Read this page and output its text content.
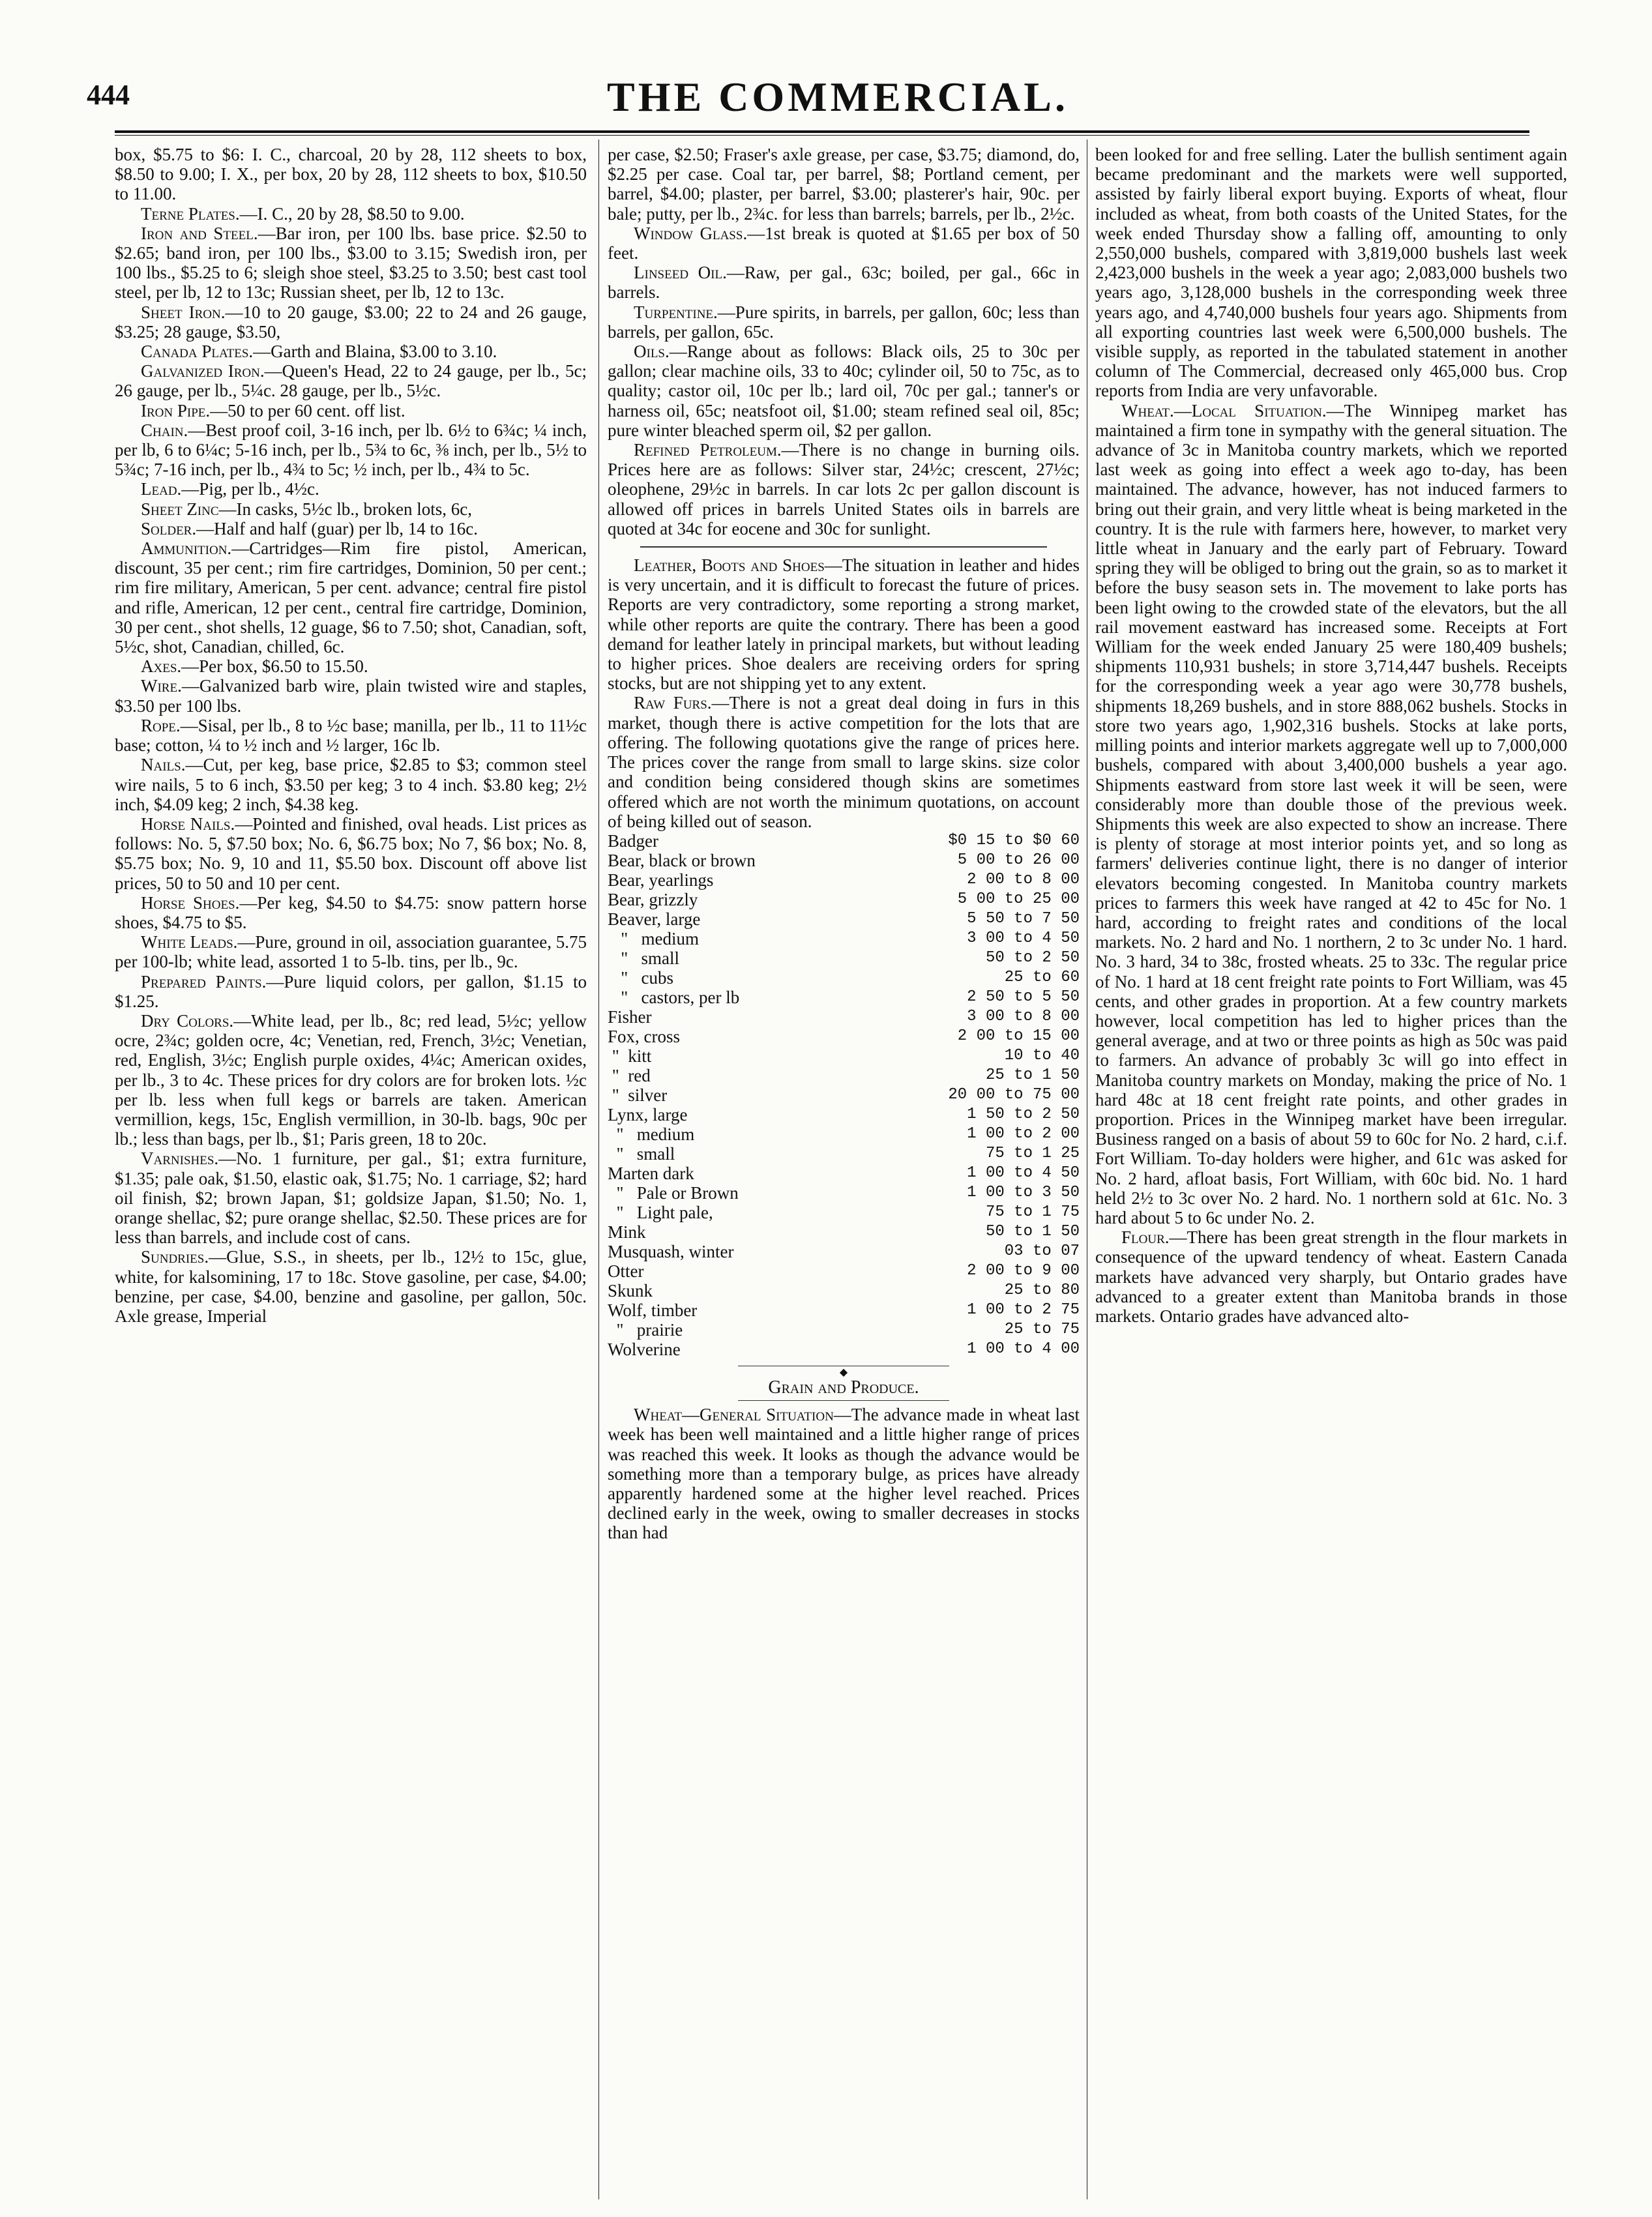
444	THE COMMERCIAL.

box, $5.75 to $6: I. C., charcoal, 20 by 28, 112 sheets to box, $8.50 to 9.00; I. X., per box, 20 by 28, 112 sheets to box, $10.50 to 11.00.

Terne Plates.—I. C., 20 by 28, $8.50 to 9.00.

Iron and Steel.—Bar iron, per 100 lbs. base price. $2.50 to $2.65; band iron, per 100 lbs., $3.00 to 3.15; Swedish iron, per 100 lbs., $5.25 to 6; sleigh shoe steel, $3.25 to 3.50; best cast tool steel, per lb, 12 to 13c; Russian sheet, per lb, 12 to 13c.

Sheet Iron.—10 to 20 gauge, $3.00; 22 to 24 and 26 gauge, $3.25; 28 gauge, $3.50,

Canada Plates.—Garth and Blaina, $3.00 to 3.10.

Galvanized Iron.—Queen's Head, 22 to 24 gauge, per lb., 5c; 26 gauge, per lb., 5¼c. 28 gauge, per lb., 5½c.

Iron Pipe.—50 to per 60 cent. off list.

Chain.—Best proof coil, 3-16 inch, per lb. 6½ to 6¾c; ¼ inch, per lb, 6 to 6¼c; 5-16 inch, per lb., 5¾ to 6c, ⅜ inch, per lb., 5½ to 5¾c; 7-16 inch, per lb., 4¾ to 5c; ½ inch, per lb., 4¾ to 5c.

Lead.—Pig, per lb., 4½c.

Sheet Zinc—In casks, 5½c lb., broken lots, 6c,

Solder.—Half and half (guar) per lb, 14 to 16c.

Ammunition.—Cartridges—Rim fire pistol, American, discount, 35 per cent.; rim fire cartridges, Dominion, 50 per cent.; rim fire military, American, 5 per cent. advance; central fire pistol and rifle, American, 12 per cent., central fire cartridge, Dominion, 30 per cent., shot shells, 12 guage, $6 to 7.50; shot, Canadian, soft, 5½c, shot, Canadian, chilled, 6c.

Axes.—Per box, $6.50 to 15.50.

Wire.—Galvanized barb wire, plain twisted wire and staples, $3.50 per 100 lbs.

Rope.—Sisal, per lb., 8 to ½c base; manilla, per lb., 11 to 11½c base; cotton, ¼ to ½ inch and ½ larger, 16c lb.

Nails.—Cut, per keg, base price, $2.85 to $3; common steel wire nails, 5 to 6 inch, $3.50 per keg; 3 to 4 inch. $3.80 keg; 2½ inch, $4.09 keg; 2 inch, $4.38 keg.

Horse Nails.—Pointed and finished, oval heads. List prices as follows: No. 5, $7.50 box; No. 6, $6.75 box; No 7, $6 box; No. 8, $5.75 box; No. 9, 10 and 11, $5.50 box. Discount off above list prices, 50 to 50 and 10 per cent.

Horse Shoes.—Per keg, $4.50 to $4.75: snow pattern horse shoes, $4.75 to $5.

White Leads.—Pure, ground in oil, association guarantee, 5.75 per 100-lb; white lead, assorted 1 to 5-lb. tins, per lb., 9c.

Prepared Paints.—Pure liquid colors, per gallon, $1.15 to $1.25.

Dry Colors.—White lead, per lb., 8c; red lead, 5½c; yellow ocre, 2¾c; golden ocre, 4c; Venetian, red, French, 3½c; Venetian, red, English, 3½c; English purple oxides, 4¼c; American oxides, per lb., 3 to 4c. These prices for dry colors are for broken lots. ½c per lb. less when full kegs or barrels are taken. American vermillion, kegs, 15c, English vermillion, in 30-lb. bags, 90c per lb.; less than bags, per lb., $1; Paris green, 18 to 20c.

Varnishes.—No. 1 furniture, per gal., $1; extra furniture, $1.35; pale oak, $1.50, elastic oak, $1.75; No. 1 carriage, $2; hard oil finish, $2; brown Japan, $1; goldsize Japan, $1.50; No. 1, orange shellac, $2; pure orange shellac, $2.50. These prices are for less than barrels, and include cost of cans.

Sundries.—Glue, S.S., in sheets, per lb., 12½ to 15c, glue, white, for kalsomining, 17 to 18c. Stove gasoline, per case, $4.00; benzine, per case, $4.00, benzine and gasoline, per gallon, 50c. Axle grease, Imperial

per case, $2.50; Fraser's axle grease, per case, $3.75; diamond, do, $2.25 per case. Coal tar, per barrel, $8; Portland cement, per barrel, $4.00; plaster, per barrel, $3.00; plasterer's hair, 90c. per bale; putty, per lb., 2¾c. for less than barrels; barrels, per lb., 2½c.

Window Glass.—1st break is quoted at $1.65 per box of 50 feet.

Linseed Oil.—Raw, per gal., 63c; boiled, per gal., 66c in barrels.

Turpentine.—Pure spirits, in barrels, per gallon, 60c; less than barrels, per gallon, 65c.

Oils.—Range about as follows: Black oils, 25 to 30c per gallon; clear machine oils, 33 to 40c; cylinder oil, 50 to 75c, as to quality; castor oil, 10c per lb.; lard oil, 70c per gal.; tanner's or harness oil, 65c; neatsfoot oil, $1.00; steam refined seal oil, 85c; pure winter bleached sperm oil, $2 per gallon.

Refined Petroleum.—There is no change in burning oils. Prices here are as follows: Silver star, 24½c; crescent, 27½c; oleophene, 29½c in barrels. In car lots 2c per gallon discount is allowed off prices in barrels United States oils in barrels are quoted at 34c for eocene and 30c for sunlight.

Leather, Boots and Shoes—The situation in leather and hides is very uncertain, and it is difficult to forecast the future of prices. Reports are very contradictory, some reporting a strong market, while other reports are quite the contrary. There has been a good demand for leather lately in principal markets, but without leading to higher prices. Shoe dealers are receiving orders for spring stocks, but are not shipping yet to any extent.

Raw Furs.—There is not a great deal doing in furs in this market, though there is active competition for the lots that are offering. The following quotations give the range of prices here. The prices cover the range from small to large skins. size color and condition being considered though skins are sometimes offered which are not worth the minimum quotations, on account of being killed out of season.

Badger	$0 15 to $0 60
Bear, black or brown	5 00 to 26 00
Bear, yearlings	2 00 to 8 00
Bear, grizzly	5 00 to 25 00
Beaver, large	5 50 to 7 50
"   medium	3 00 to 4 50
"   small	50 to 2 50
"   cubs	25 to 60
"   castors, per lb	2 50 to 5 50
Fisher	3 00 to 8 00
Fox, cross	2 00 to 15 00
"  kitt	10 to 40
"  red	25 to 1 50
"  silver	20 00 to 75 00
Lynx, large	1 50 to 2 50
"   medium	1 00 to 2 00
"   small	75 to 1 25
Marten dark	1 00 to 4 50
"   Pale or Brown	1 00 to 3 50
"   Light pale,	75 to 1 75
Mink	50 to 1 50
Musquash, winter	03 to 07
Otter	2 00 to 9 00
Skunk	25 to 80
Wolf, timber	1 00 to 2 75
"   prairie	25 to 75
Wolverine	1 00 to 4 00
◆

Grain and Produce.

Wheat—General Situation—The advance made in wheat last week has been well maintained and a little higher range of prices was reached this week. It looks as though the advance would be something more than a temporary bulge, as prices have already apparently hardened some at the higher level reached. Prices declined early in the week, owing to smaller decreases in stocks than had

been looked for and free selling. Later the bullish sentiment again became predominant and the markets were well supported, assisted by fairly liberal export buying. Exports of wheat, flour included as wheat, from both coasts of the United States, for the week ended Thursday show a falling off, amounting to only 2,550,000 bushels, compared with 3,819,000 bushels last week 2,423,000 bushels in the week a year ago; 2,083,000 bushels two years ago, 3,128,000 bushels in the corresponding week three years ago, and 4,740,000 bushels four years ago. Shipments from all exporting countries last week were 6,500,000 bushels. The visible supply, as reported in the tabulated statement in another column of The Commercial, decreased only 465,000 bus. Crop reports from India are very unfavorable.

Wheat.—Local Situation.—The Winnipeg market has maintained a firm tone in sympathy with the general situation. The advance of 3c in Manitoba country markets, which we reported last week as going into effect a week ago to-day, has been maintained. The advance, however, has not induced farmers to bring out their grain, and very little wheat is being marketed in the country. It is the rule with farmers here, however, to market very little wheat in January and the early part of February. Toward spring they will be obliged to bring out the grain, so as to market it before the busy season sets in. The movement to lake ports has been light owing to the crowded state of the elevators, but the all rail movement eastward has increased some. Receipts at Fort William for the week ended January 25 were 180,409 bushels; shipments 110,931 bushels; in store 3,714,447 bushels. Receipts for the corresponding week a year ago were 30,778 bushels, shipments 18,269 bushels, and in store 888,062 bushels. Stocks in store two years ago, 1,902,316 bushels. Stocks at lake ports, milling points and interior markets aggregate well up to 7,000,000 bushels, compared with about 3,400,000 bushels a year ago. Shipments eastward from store last week it will be seen, were considerably more than double those of the previous week. Shipments this week are also expected to show an increase. There is plenty of storage at most interior points yet, and so long as farmers' deliveries continue light, there is no danger of interior elevators becoming congested. In Manitoba country markets prices to farmers this week have ranged at 42 to 45c for No. 1 hard, according to freight rates and conditions of the local markets. No. 2 hard and No. 1 northern, 2 to 3c under No. 1 hard. No. 3 hard, 34 to 38c, frosted wheats. 25 to 33c. The regular price of No. 1 hard at 18 cent freight rate points to Fort William, was 45 cents, and other grades in proportion. At a few country markets however, local competition has led to higher prices than the general average, and at two or three points as high as 50c was paid to farmers. An advance of probably 3c will go into effect in Manitoba country markets on Monday, making the price of No. 1 hard 48c at 18 cent freight rate points, and other grades in proportion. Prices in the Winnipeg market have been irregular. Business ranged on a basis of about 59 to 60c for No. 2 hard, c.i.f. Fort William. To-day holders were higher, and 61c was asked for No. 2 hard, afloat basis, Fort William, with 60c bid. No. 1 hard held 2½ to 3c over No. 2 hard. No. 1 northern sold at 61c. No. 3 hard about 5 to 6c under No. 2.

Flour.—There has been great strength in the flour markets in consequence of the upward tendency of wheat. Eastern Canada markets have advanced very sharply, but Ontario grades have advanced to a greater extent than Manitoba brands in those markets. Ontario grades have advanced alto-
